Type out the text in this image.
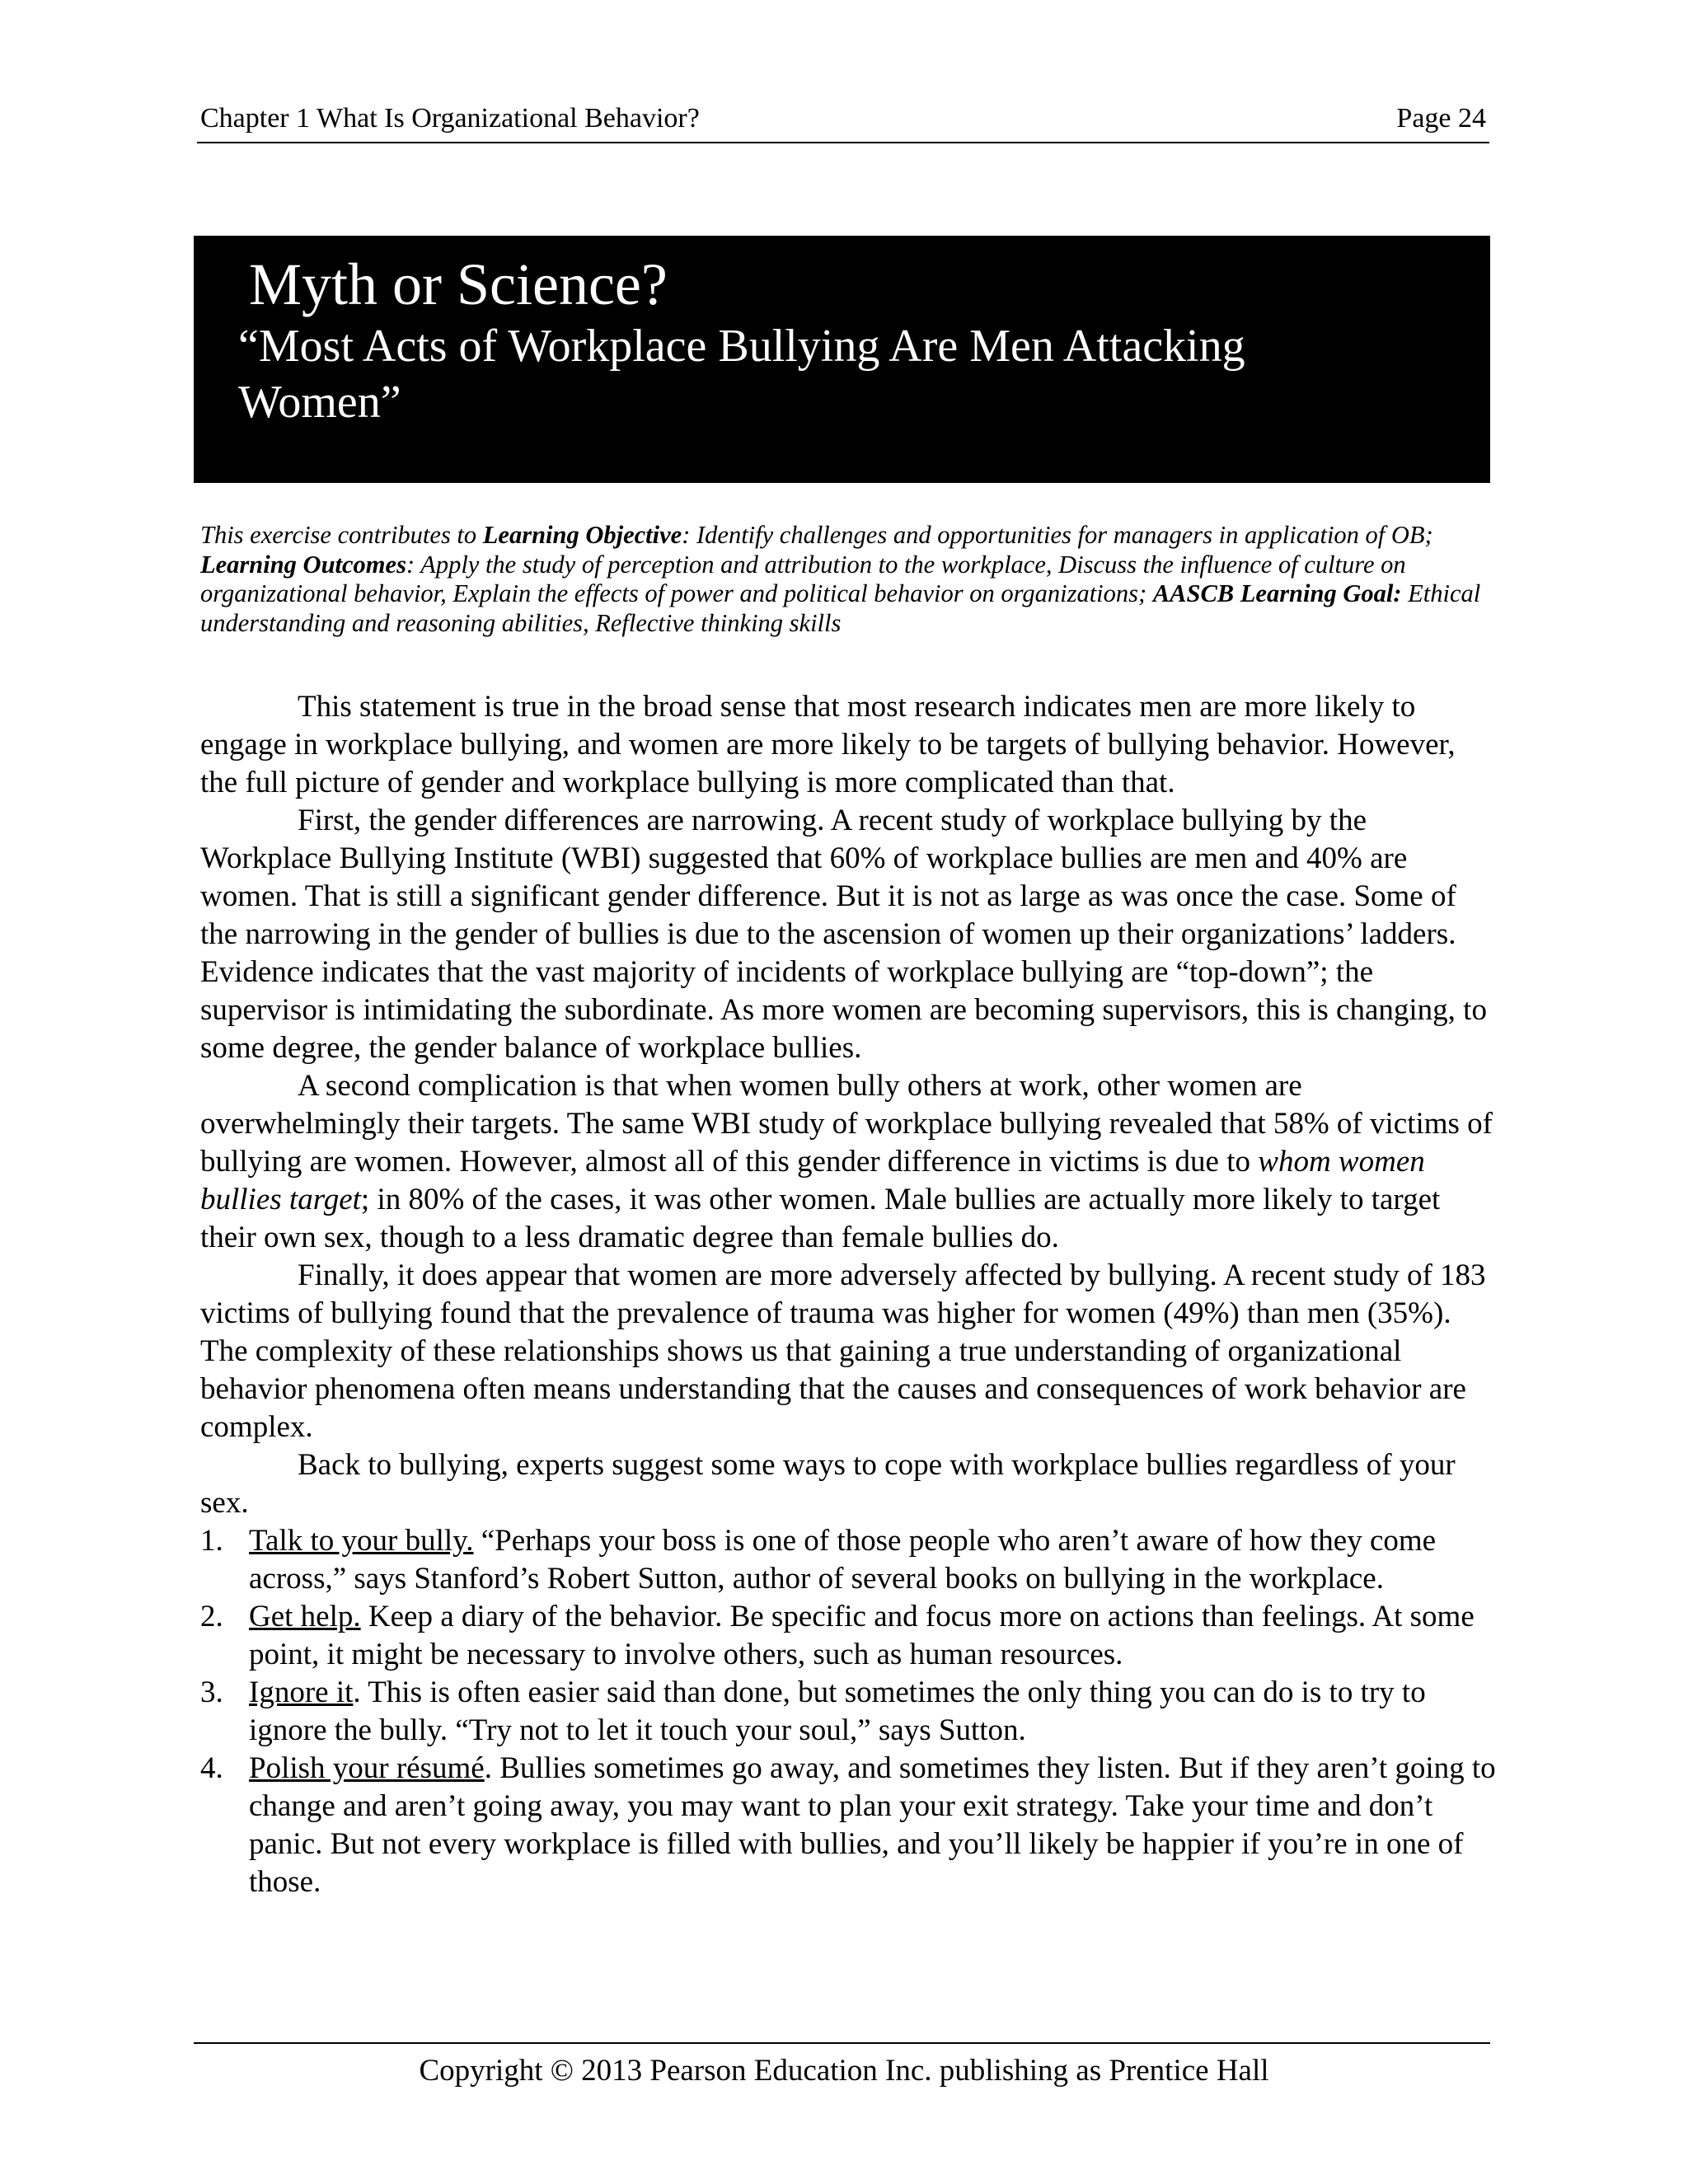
Chapter 1 What Is Organizational Behavior?	Page 24
Myth or Science?
“Most Acts of Workplace Bullying Are Men Attacking Women”
This exercise contributes to Learning Objective: Identify challenges and opportunities for managers in application of OB; Learning Outcomes: Apply the study of perception and attribution to the workplace, Discuss the influence of culture on organizational behavior, Explain the effects of power and political behavior on organizations; AASCB Learning Goal: Ethical understanding and reasoning abilities, Reflective thinking skills

This statement is true in the broad sense that most research indicates men are more likely to engage in workplace bullying, and women are more likely to be targets of bullying behavior. However, the full picture of gender and workplace bullying is more complicated than that.

First, the gender differences are narrowing. A recent study of workplace bullying by the Workplace Bullying Institute (WBI) suggested that 60% of workplace bullies are men and 40% are women. That is still a significant gender difference. But it is not as large as was once the case. Some of the narrowing in the gender of bullies is due to the ascension of women up their organizations’ ladders. Evidence indicates that the vast majority of incidents of workplace bullying are “top-down”; the supervisor is intimidating the subordinate. As more women are becoming supervisors, this is changing, to some degree, the gender balance of workplace bullies.

A second complication is that when women bully others at work, other women are overwhelmingly their targets. The same WBI study of workplace bullying revealed that 58% of victims of bullying are women. However, almost all of this gender difference in victims is due to whom women bullies target; in 80% of the cases, it was other women. Male bullies are actually more likely to target their own sex, though to a less dramatic degree than female bullies do.

Finally, it does appear that women are more adversely affected by bullying. A recent study of 183 victims of bullying found that the prevalence of trauma was higher for women (49%) than men (35%). The complexity of these relationships shows us that gaining a true understanding of organizational behavior phenomena often means understanding that the causes and consequences of work behavior are complex.

Back to bullying, experts suggest some ways to cope with workplace bullies regardless of your sex.

1. Talk to your bully. “Perhaps your boss is one of those people who aren’t aware of how they come across,” says Stanford’s Robert Sutton, author of several books on bullying in the workplace.
2. Get help. Keep a diary of the behavior. Be specific and focus more on actions than feelings. At some point, it might be necessary to involve others, such as human resources.
3. Ignore it. This is often easier said than done, but sometimes the only thing you can do is to try to ignore the bully. “Try not to let it touch your soul,” says Sutton.
4. Polish your résumé. Bullies sometimes go away, and sometimes they listen. But if they aren’t going to change and aren’t going away, you may want to plan your exit strategy. Take your time and don’t panic. But not every workplace is filled with bullies, and you’ll likely be happier if you’re in one of those.
Copyright © 2013 Pearson Education Inc. publishing as Prentice Hall
